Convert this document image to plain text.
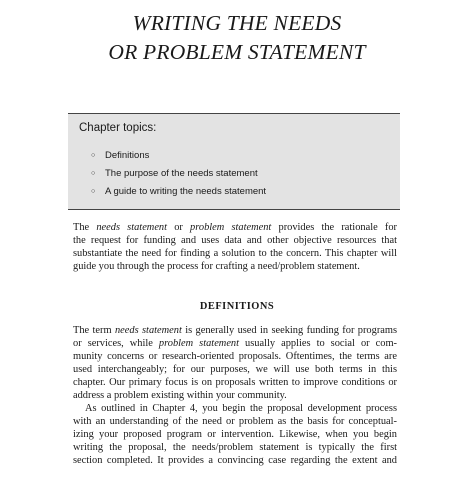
WRITING THE NEEDS
OR PROBLEM STATEMENT
Chapter topics:
○ Definitions
○ The purpose of the needs statement
○ A guide to writing the needs statement
The needs statement or problem statement provides the rationale for
the request for funding and uses data and other objective resources that
substantiate the need for finding a solution to the concern. This chapter will
guide you through the process for crafting a need/problem statement.
DEFINITIONS
The term needs statement is generally used in seeking funding for programs
or services, while problem statement usually applies to social or com-
munity concerns or research-oriented proposals. Oftentimes, the terms are
used interchangeably; for our purposes, we will use both terms in this
chapter. Our primary focus is on proposals written to improve conditions or
address a problem existing within your community.
As outlined in Chapter 4, you begin the proposal development process
with an understanding of the need or problem as the basis for conceptual-
izing your proposed program or intervention. Likewise, when you begin
writing the proposal, the needs/problem statement is typically the first
section completed. It provides a convincing case regarding the extent and
